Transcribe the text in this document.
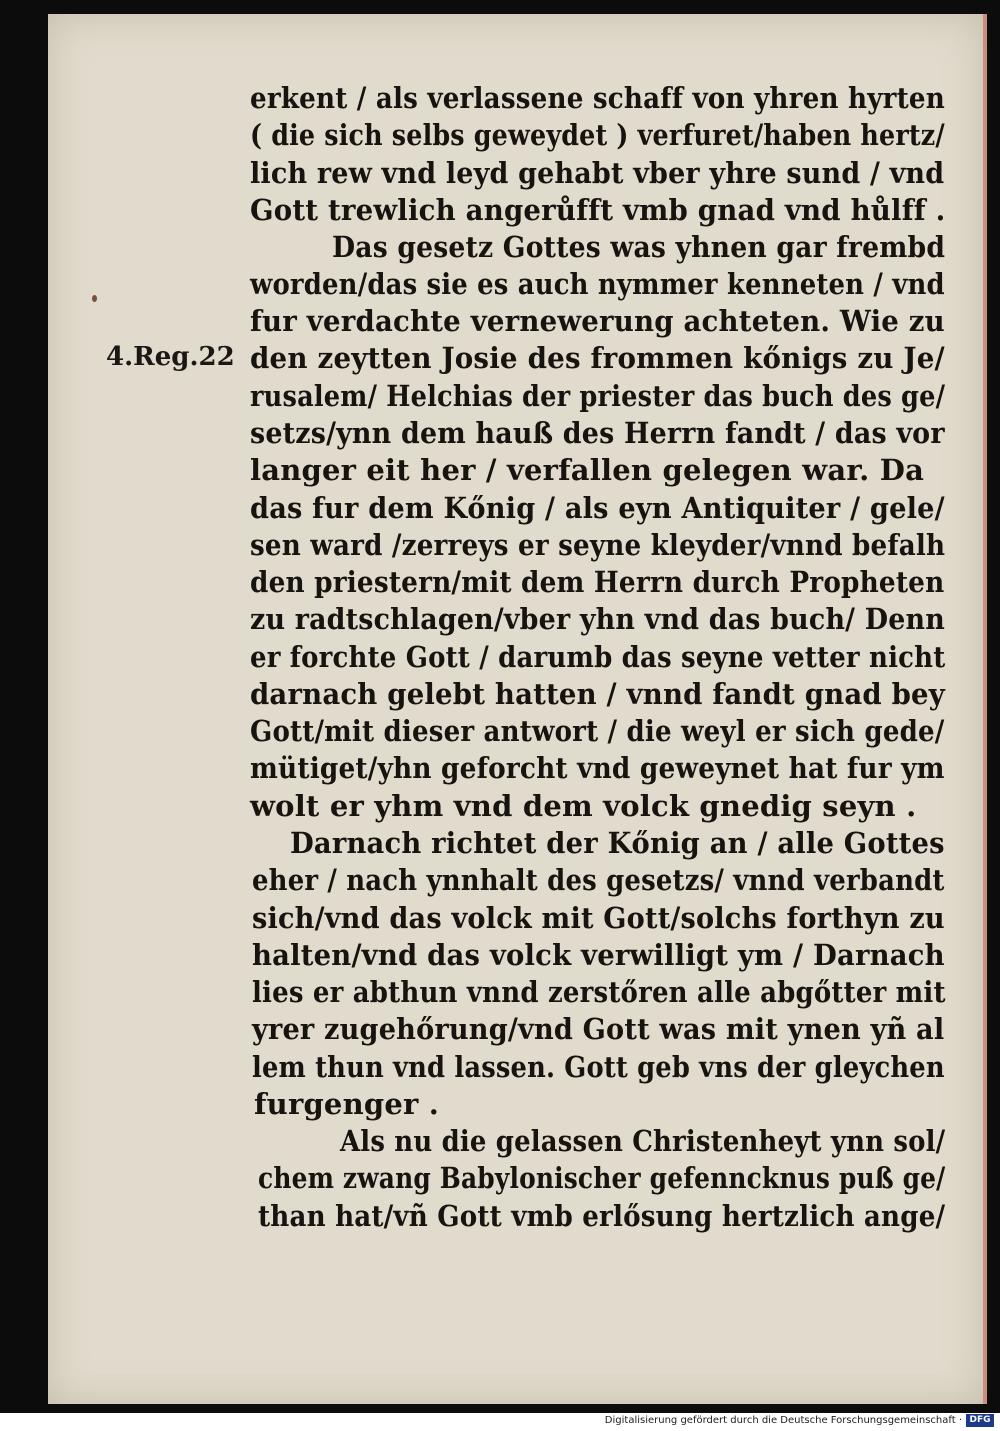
4.Reg.22
erkent / als verlassene schaff von yhren hyrten
( die sich selbs geweydet ) verfuret/haben hertz/
lich rew vnd leyd gehabt vber yhre sund / vnd
Gott trewlich angerůfft vmb gnad vnd hůlff .
Das gesetz Gottes was yhnen gar frembd
worden/das sie es auch nymmer kenneten / vnd
fur verdachte vernewerung achteten. Wie zu
den zeytten Josie des frommen kőnigs zu Je/
rusalem/ Helchias der priester das buch des ge/
setzs/ynn dem hauß des Herrn fandt / das vor
langer eit her / verfallen gelegen war. Da
das fur dem Kőnig / als eyn Antiquiter / gele/
sen ward /zerreys er seyne kleyder/vnnd befalh
den priestern/mit dem Herrn durch Propheten
zu radtschlagen/vber yhn vnd das buch/ Denn
er forchte Gott / darumb das seyne vetter nicht
darnach gelebt hatten / vnnd fandt gnad bey
Gott/mit dieser antwort / die weyl er sich gede/
mütiget/yhn geforcht vnd geweynet hat fur ym
wolt er yhm vnd dem volck gnedig seyn .
Darnach richtet der Kőnig an / alle Gottes
eher / nach ynnhalt des gesetzs/ vnnd verbandt
sich/vnd das volck mit Gott/solchs forthyn zu
halten/vnd das volck verwilligt ym / Darnach
lies er abthun vnnd zerstőren alle abgőtter mit
yrer zugehőrung/vnd Gott was mit ynen yñ al
lem thun vnd lassen. Gott geb vns der gleychen
furgenger .
Als nu die gelassen Christenheyt ynn sol/
chem zwang Babylonischer gefenncknus puß ge/
than hat/vñ Gott vmb erlősung hertzlich ange/
Digitalisierung gefördert durch die Deutsche Forschungsgemeinschaft · DFG
